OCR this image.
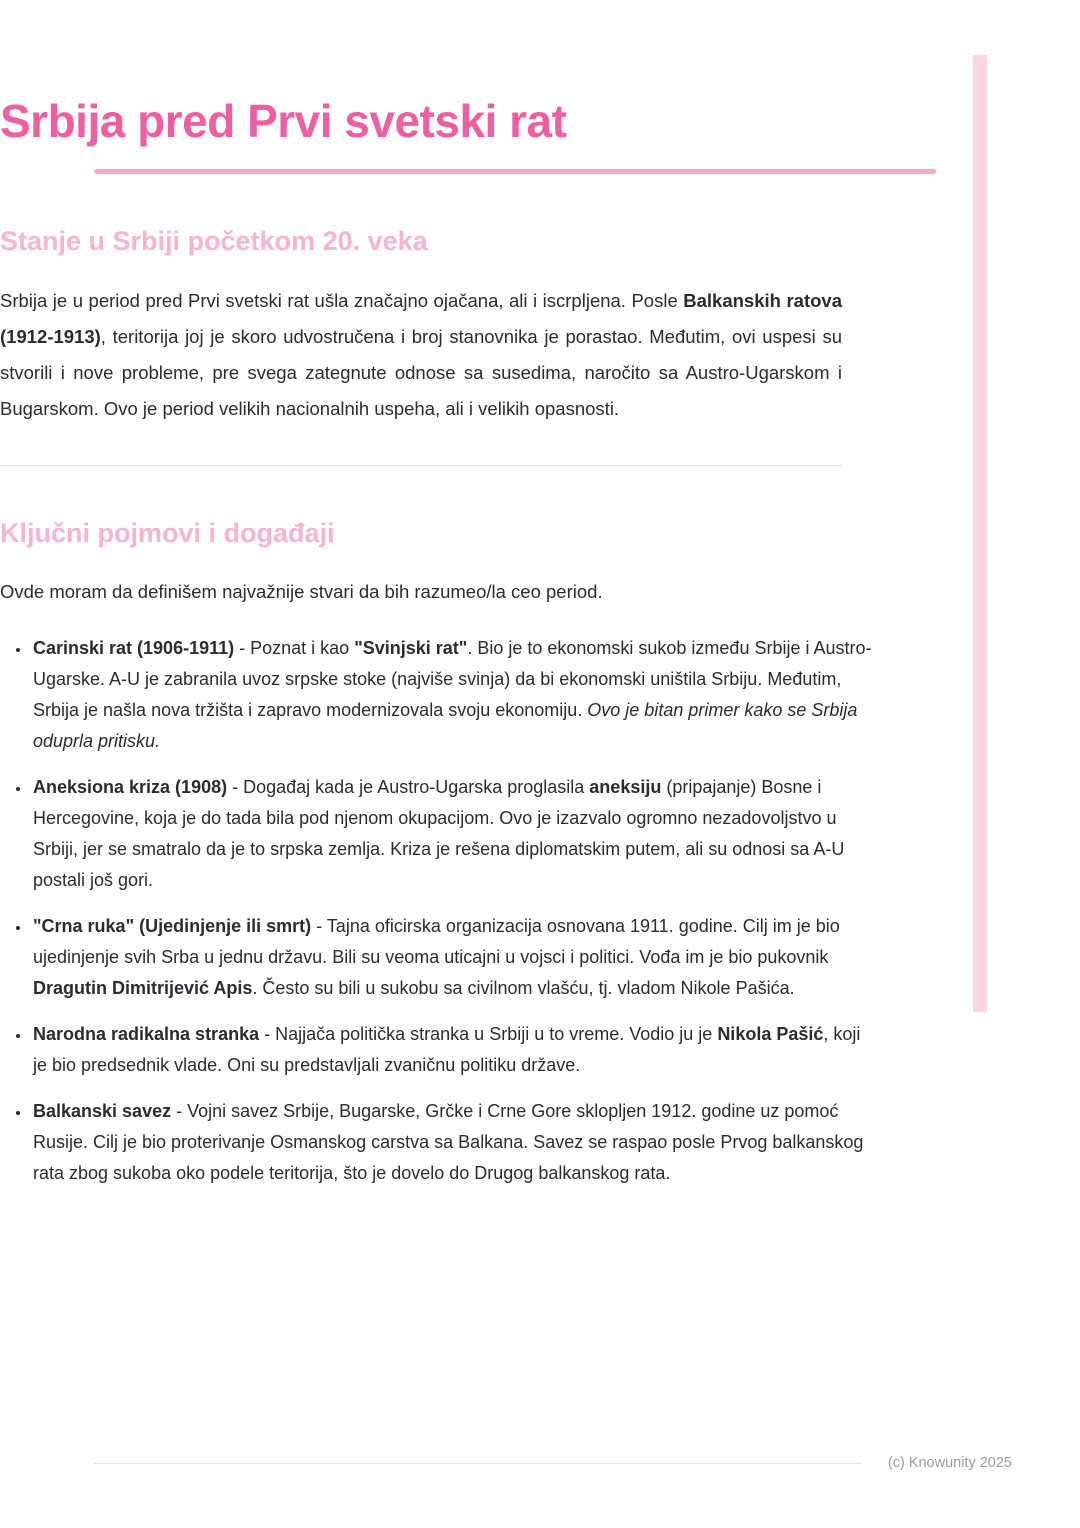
Srbija pred Prvi svetski rat
Stanje u Srbiji početkom 20. veka

Srbija je u period pred Prvi svetski rat ušla značajno ojačana, ali i iscrpljena. Posle Balkanskih ratova (1912-1913), teritorija joj je skoro udvostručena i broj stanovnika je porastao. Međutim, ovi uspesi su stvorili i nove probleme, pre svega zategnute odnose sa susedima, naročito sa Austro-Ugarskom i Bugarskom. Ovo je period velikih nacionalnih uspeha, ali i velikih opasnosti.

Ključni pojmovi i događaji

Ovde moram da definišem najvažnije stvari da bih razumeo/la ceo period.

• Carinski rat (1906-1911) - Poznat i kao "Svinjski rat". Bio je to ekonomski sukob između Srbije i Austro-Ugarske. A-U je zabranila uvoz srpske stoke (najviše svinja) da bi ekonomski uništila Srbiju. Međutim, Srbija je našla nova tržišta i zapravo modernizovala svoju ekonomiju. Ovo je bitan primer kako se Srbija oduprla pritisku.
• Aneksiona kriza (1908) - Događaj kada je Austro-Ugarska proglasila aneksiju (pripajanje) Bosne i Hercegovine, koja je do tada bila pod njenom okupacijom. Ovo je izazvalo ogromno nezadovoljstvo u Srbiji, jer se smatralo da je to srpska zemlja. Kriza je rešena diplomatskim putem, ali su odnosi sa A-U postali još gori.
• "Crna ruka" (Ujedinjenje ili smrt) - Tajna oficirska organizacija osnovana 1911. godine. Cilj im je bio ujedinjenje svih Srba u jednu državu. Bili su veoma uticajni u vojsci i politici. Vođa im je bio pukovnik Dragutin Dimitrijević Apis. Često su bili u sukobu sa civilnom vlašću, tj. vladom Nikole Pašića.
• Narodna radikalna stranka - Najjača politička stranka u Srbiji u to vreme. Vodio ju je Nikola Pašić, koji je bio predsednik vlade. Oni su predstavljali zvaničnu politiku države.
• Balkanski savez - Vojni savez Srbije, Bugarske, Grčke i Crne Gore sklopljen 1912. godine uz pomoć Rusije. Cilj je bio proterivanje Osmanskog carstva sa Balkana. Savez se raspao posle Prvog balkanskog rata zbog sukoba oko podele teritorija, što je dovelo do Drugog balkanskog rata.
(c) Knowunity 2025
